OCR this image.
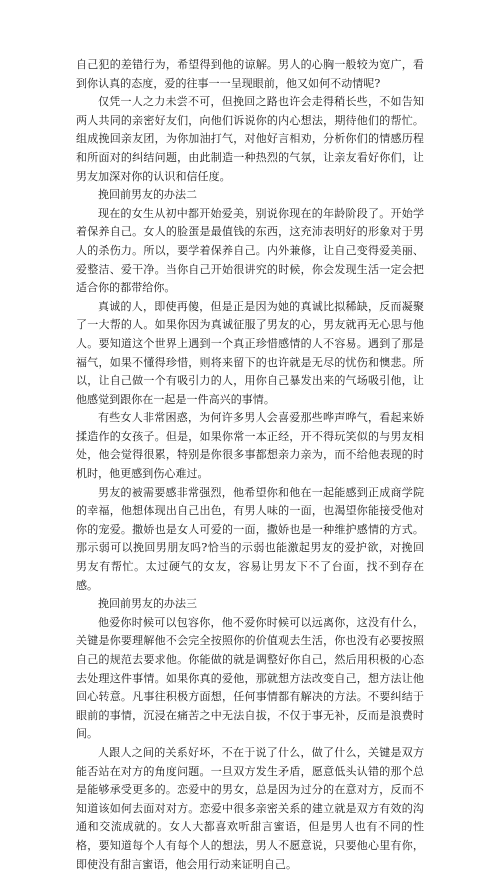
自己犯的差错行为，希望得到他的谅解。男人的心胸一般较为宽广，看到你认真的态度，爱的往事一一呈现眼前，他又如何不动情呢?

仅凭一人之力未尝不可，但挽回之路也许会走得稍长些，不如告知两人共同的亲密好友们，向他们诉说你的内心想法，期待他们的帮忙。组成挽回亲友团，为你加油打气，对他好言相劝，分析你们的情感历程和所面对的纠结问题，由此制造一种热烈的气氛，让亲友看好你们，让男友加深对你的认识和信任度。

挽回前男友的办法二

现在的女生从初中都开始爱美，别说你现在的年龄阶段了。开始学着保养自己。女人的脸蛋是最值钱的东西，这充沛表明好的形象对于男人的杀伤力。所以，要学着保养自己。内外兼修，让自己变得爱美丽、爱整洁、爱干净。当你自己开始很讲究的时候，你会发现生活一定会把适合你的都带给你。

真诚的人，即使再傻，但是正是因为她的真诚比拟稀缺，反而凝聚了一大帮的人。如果你因为真诚征服了男友的心，男友就再无心思与他人。要知道这个世界上遇到一个真正珍惜感情的人不容易。遇到了那是福气，如果不懂得珍惜，则将来留下的也许就是无尽的忧伤和懊悲。所以，让自己做一个有吸引力的人，用你自己暴发出来的气场吸引他，让他感觉到跟你在一起是一件高兴的事情。

有些女人非常困惑，为何许多男人会喜爱那些哗声哗气，看起来娇揉造作的女孩子。但是，如果你常一本正经，开不得玩笑似的与男友相处，他会觉得很累，特别是你很多事都想亲力亲为，而不给他表现的时机时，他更感到伤心难过。

男友的被需要感非常强烈，他希望你和他在一起能感到正成商学院的幸福，他想体现出自己出色，有男人味的一面，也渴望你能接受他对你的宠爱。撒娇也是女人可爱的一面，撒娇也是一种维护感情的方式。那示弱可以挽回男朋友吗?恰当的示弱也能激起男友的爱护欲，对挽回男友有帮忙。太过硬气的女友，容易让男友下不了台面，找不到存在感。

挽回前男友的办法三

他爱你时候可以包容你，他不爱你时候可以远离你，这没有什么，关键是你要理解他不会完全按照你的价值观去生活，你也没有必要按照自己的规范去要求他。你能做的就是调整好你自己，然后用积极的心态去处理这件事情。如果你真的爱他，那就想方法改变自己，想方法让他回心转意。凡事往积极方面想，任何事情都有解决的方法。不要纠结于眼前的事情，沉浸在痛苦之中无法自拔，不仅于事无补，反而是浪费时间。

人跟人之间的关系好坏，不在于说了什么，做了什么，关键是双方能否站在对方的角度问题。一旦双方发生矛盾，愿意低头认错的那个总是能够承受更多的。恋爱中的男女，总是因为过分的在意对方，反而不知道该如何去面对对方。恋爱中很多亲密关系的建立就是双方有效的沟通和交流成就的。女人大都喜欢听甜言蜜语，但是男人也有不同的性格，要知道每个人有每个人的想法，男人不愿意说，只要他心里有你，即使没有甜言蜜语，他会用行动来证明自己。
